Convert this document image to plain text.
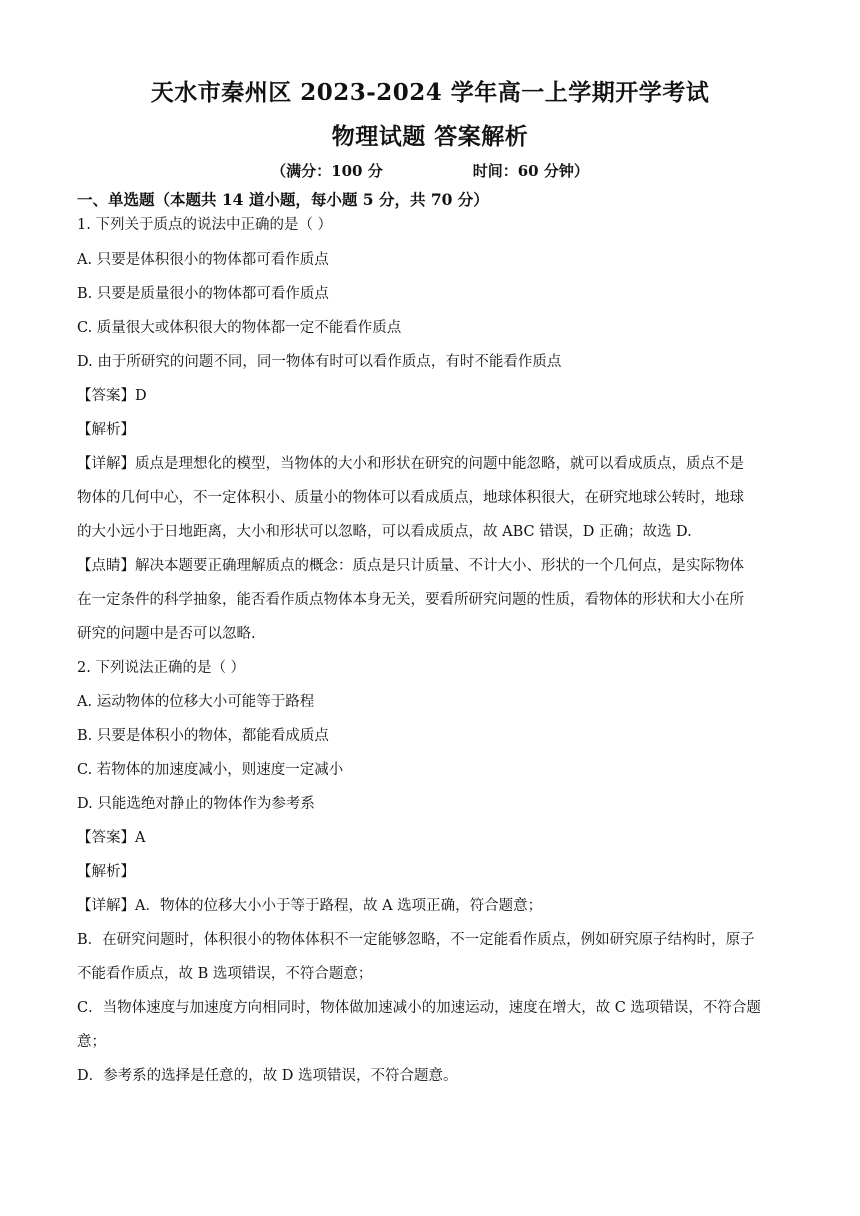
天水市秦州区 2023-2024 学年高一上学期开学考试
物理试题 答案解析
（满分：100 分	时间：60 分钟）
一、单选题（本题共 14 道小题，每小题 5 分，共 70 分）
1. 下列关于质点的说法中正确的是（ ）
A. 只要是体积很小的物体都可看作质点
B. 只要是质量很小的物体都可看作质点
C. 质量很大或体积很大的物体都一定不能看作质点
D. 由于所研究的问题不同，同一物体有时可以看作质点，有时不能看作质点
【答案】D
【解析】
【详解】质点是理想化的模型，当物体的大小和形状在研究的问题中能忽略，就可以看成质点，质点不是
物体的几何中心，不一定体积小、质量小的物体可以看成质点，地球体积很大，在研究地球公转时，地球
的大小远小于日地距离，大小和形状可以忽略，可以看成质点，故 ABC 错误，D 正确；故选 D.
【点睛】解决本题要正确理解质点的概念：质点是只计质量、不计大小、形状的一个几何点，是实际物体
在一定条件的科学抽象，能否看作质点物体本身无关，要看所研究问题的性质，看物体的形状和大小在所
研究的问题中是否可以忽略.
2. 下列说法正确的是（ ）
A. 运动物体的位移大小可能等于路程
B. 只要是体积小的物体，都能看成质点
C. 若物体的加速度减小，则速度一定减小
D. 只能选绝对静止的物体作为参考系
【答案】A
【解析】
【详解】A．物体的位移大小小于等于路程，故 A 选项正确，符合题意；
B．在研究问题时，体积很小的物体体积不一定能够忽略，不一定能看作质点，例如研究原子结构时，原子
不能看作质点，故 B 选项错误，不符合题意；
C．当物体速度与加速度方向相同时，物体做加速减小的加速运动，速度在增大，故 C 选项错误，不符合题
意；
D．参考系的选择是任意的，故 D 选项错误，不符合题意。
